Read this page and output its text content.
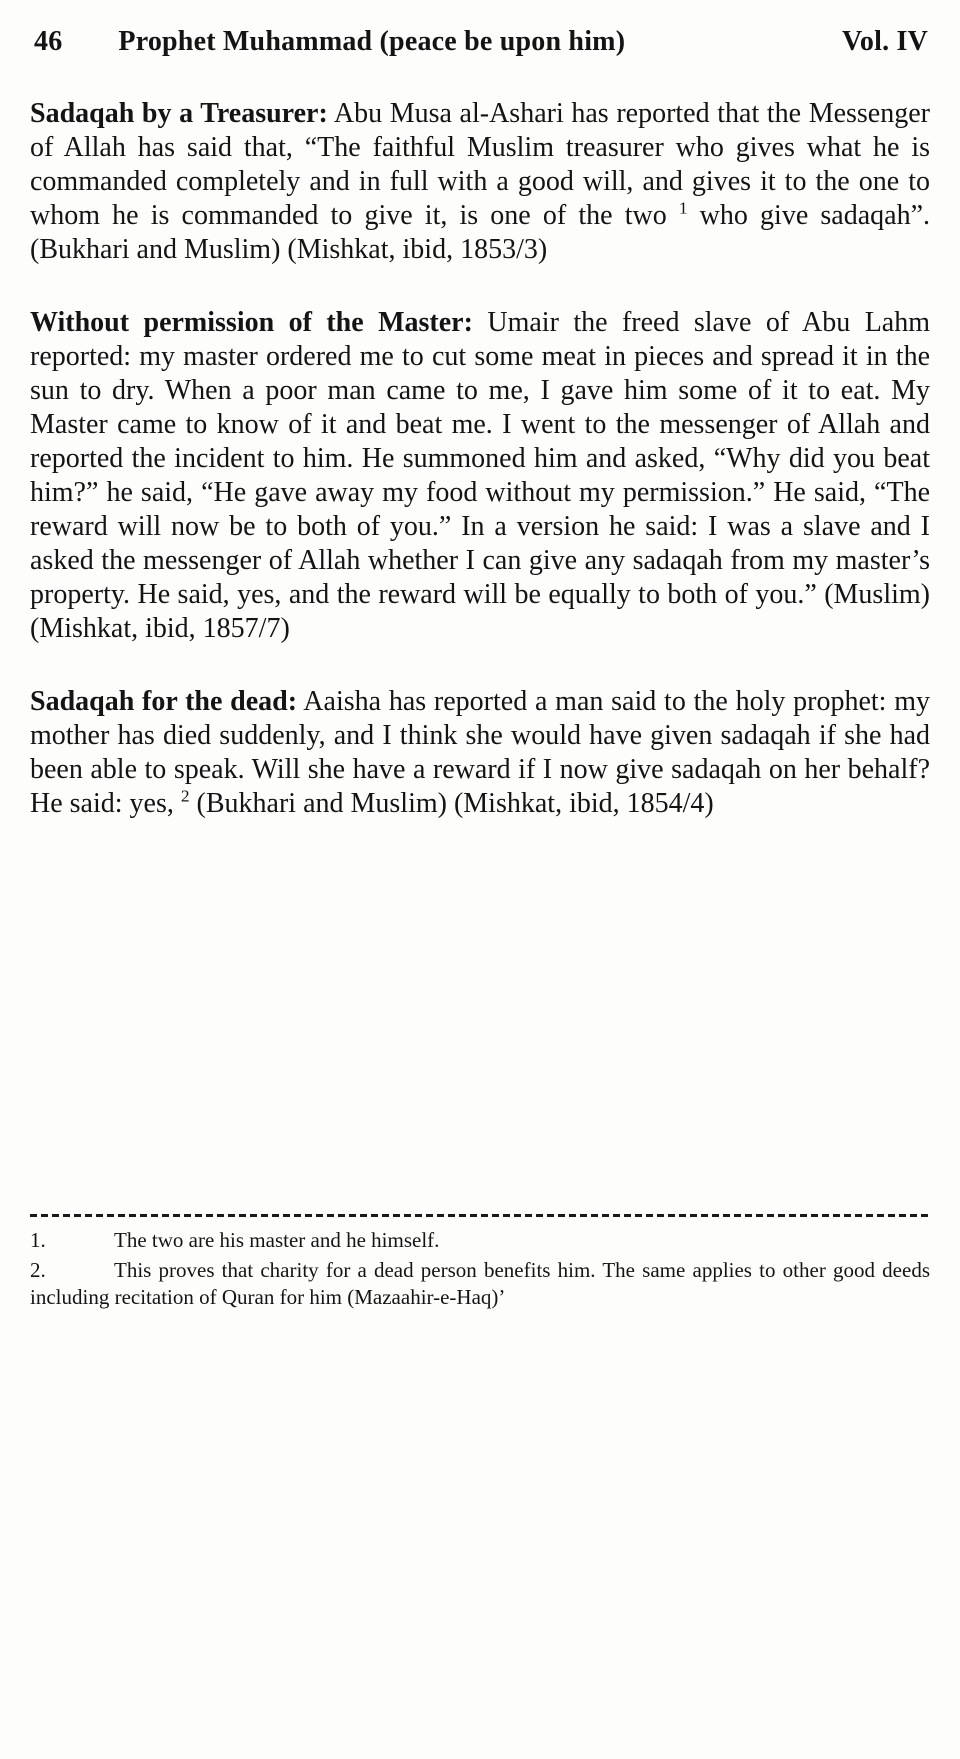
46 Prophet Muhammad (peace be upon him)	Vol. IV

Sadaqah by a Treasurer: Abu Musa al-Ashari has reported that the Messenger of Allah has said that, “The faithful Muslim treasurer who gives what he is commanded completely and in full with a good will, and gives it to the one to whom he is commanded to give it, is one of the two $^1$ who give sadaqah”. (Bukhari and Muslim) (Mishkat, ibid, 1853/3)

Without permission of the Master: Umair the freed slave of Abu Lahm reported: my master ordered me to cut some meat in pieces and spread it in the sun to dry. When a poor man came to me, I gave him some of it to eat. My Master came to know of it and beat me. I went to the messenger of Allah and reported the incident to him. He summoned him and asked, “Why did you beat him?” he said, “He gave away my food without my permission.” He said, “The reward will now be to both of you.” In a version he said: I was a slave and I asked the messenger of Allah whether I can give any sadaqah from my master’s property. He said, yes, and the reward will be equally to both of you.” (Muslim) (Mishkat, ibid, 1857/7)

Sadaqah for the dead: Aaisha has reported a man said to the holy prophet: my mother has died suddenly, and I think she would have given sadaqah if she had been able to speak. Will she have a reward if I now give sadaqah on her behalf? He said: yes, $^2$ (Bukhari and Muslim) (Mishkat, ibid, 1854/4)

1.	The two are his master and he himself.

2.	This proves that charity for a dead person benefits him. The same applies to other good deeds including recitation of Quran for him (Mazaahir-e-Haq)’
